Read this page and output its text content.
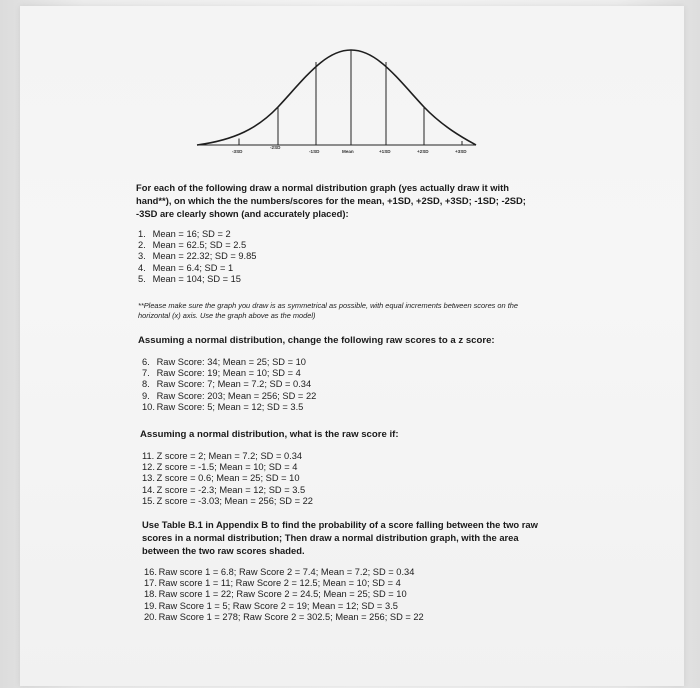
-3SD
-2SD
-1SD	Mean	+1SD	+2SD	+3SD
For each of the following draw a normal distribution graph (yes actually draw it with
hand**), on which the the numbers/scores for the mean, +1SD, +2SD, +3SD; -1SD; -2SD;
-3SD are clearly shown (and accurately placed):
1. Mean = 16; SD = 2
2. Mean = 62.5; SD = 2.5
3. Mean = 22.32; SD = 9.85
4. Mean = 6.4; SD = 1
5. Mean = 104; SD = 15
**Please make sure the graph you draw is as symmetrical as possible, with equal increments between scores on the
horizontal (x) axis. Use the graph above as the model)
Assuming a normal distribution, change the following raw scores to a z score:
6. Raw Score: 34; Mean = 25; SD = 10
7. Raw Score: 19; Mean = 10; SD = 4
8. Raw Score: 7; Mean = 7.2; SD = 0.34
9. Raw Score: 203; Mean = 256; SD = 22
10. Raw Score: 5; Mean = 12; SD = 3.5
Assuming a normal distribution, what is the raw score if:
11. Z score = 2; Mean = 7.2; SD = 0.34
12. Z score = -1.5; Mean = 10; SD = 4
13. Z score = 0.6; Mean = 25; SD = 10
14. Z score = -2.3; Mean = 12; SD = 3.5
15. Z score = -3.03; Mean = 256; SD = 22
Use Table B.1 in Appendix B to find the probability of a score falling between the two raw
scores in a normal distribution; Then draw a normal distribution graph, with the area
between the two raw scores shaded.
16. Raw score 1 = 6.8; Raw Score 2 = 7.4; Mean = 7.2; SD = 0.34
17. Raw score 1 = 11; Raw Score 2 = 12.5; Mean = 10; SD = 4
18. Raw score 1 = 22; Raw Score 2 = 24.5; Mean = 25; SD = 10
19. Raw Score 1 = 5; Raw Score 2 = 19; Mean = 12; SD = 3.5
20. Raw Score 1 = 278; Raw Score 2 = 302.5; Mean = 256; SD = 22
